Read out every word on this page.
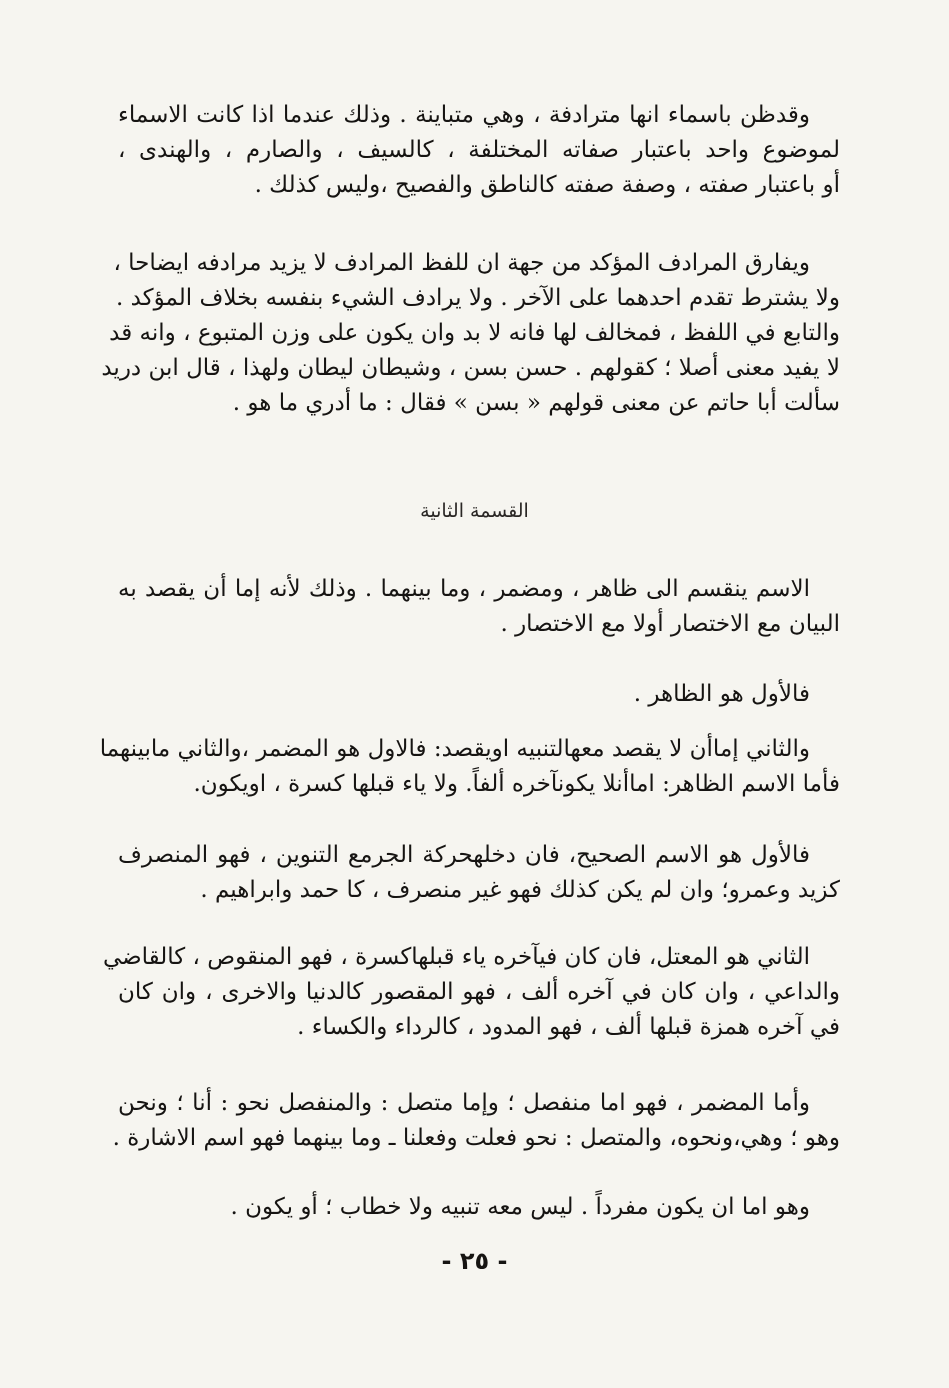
وقدظن باسماء انها مترادفة ، وهي متباينة . وذلك عندما اذا كانت الاسماء
لموضوع واحد باعتبار صفاته المختلفة ، كالسيف ، والصارم ، والهندى ،
أو باعتبار صفته ، وصفة صفته كالناطق والفصيح ،وليس كذلك .
ويفارق المرادف المؤكد من جهة ان للفظ المرادف لا يزيد مرادفه ايضاحا ،
ولا يشترط تقدم احدهما على الآخر . ولا يرادف الشيء بنفسه بخلاف المؤكد .
والتابع في اللفظ ، فمخالف لها فانه لا بد وان يكون على وزن المتبوع ، وانه قد
لا يفيد معنى أصلا ؛ كقولهم . حسن بسن ، وشيطان ليطان ولهذا ، قال ابن دريد
سألت أبا حاتم عن معنى قولهم « بسن » فقال : ما أدري ما هو .
القسمة الثانية
الاسم ينقسم الى ظاهر ، ومضمر ، وما بينهما . وذلك لأنه إما أن يقصد به
البيان مع الاختصار أولا مع الاختصار .
فالأول هو الظاهر .
والثاني إماأن لا يقصد معهالتنبيه اويقصد: فالاول هو المضمر ،والثاني مابينهما
فأما الاسم الظاهر: اماأنلا يكونآخره ألفاً. ولا ياء قبلها كسرة ، اويكون.
فالأول هو الاسم الصحيح، فان دخلهحركة الجرمع التنوين ، فهو المنصرف
كزيد وعمرو؛ وان لم يكن كذلك فهو غير منصرف ، كا حمد وابراهيم .
الثاني هو المعتل، فان كان فيآخره ياء قبلهاكسرة ، فهو المنقوص ، كالقاضي
والداعي ، وان كان في آخره ألف ، فهو المقصور كالدنيا والاخرى ، وان كان
في آخره همزة قبلها ألف ، فهو المدود ، كالرداء والكساء .
وأما المضمر ، فهو اما منفصل ؛ وإما متصل : والمنفصل نحو : أنا ؛ ونحن
وهو ؛ وهي،ونحوه، والمتصل : نحو فعلت وفعلنا ـ وما بينهما فهو اسم الاشارة .
وهو اما ان يكون مفرداً . ليس معه تنبيه ولا خطاب ؛ أو يكون .
- ٢٥ -
